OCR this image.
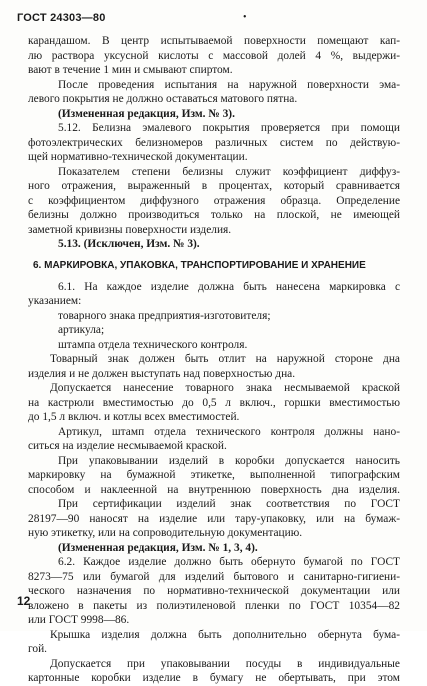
ГОСТ 24303—80	•
карандашом. В центр испытываемой поверхности помещают кап-
лю раствора уксусной кислоты с массовой долей 4 %, выдержи-
вают в течение 1 мин и смывают спиртом.
После проведения испытания на наружной поверхности эма-
левого покрытия не должно оставаться матового пятна.
(Измененная редакция, Изм. № 3).
5.12. Белизна эмалевого покрытия проверяется при помощи
фотоэлектрических белизномеров различных систем по действую-
щей нормативно-технической документации.
Показателем степени белизны служит коэффициент диффуз-
ного отражения, выраженный в процентах, который сравнивается
с коэффициентом диффузного отражения образца. Определение
белизны должно производиться только на плоской, не имеющей
заметной кривизны поверхности изделия.
5.13. (Исключен, Изм. № 3).
6. МАРКИРОВКА, УПАКОВКА, ТРАНСПОРТИРОВАНИЕ И ХРАНЕНИЕ
6.1. На каждое изделие должна быть нанесена маркировка с
указанием:
товарного знака предприятия-изготовителя;
артикула;
штампа отдела технического контроля.
Товарный знак должен быть отлит на наружной стороне дна
изделия и не должен выступать над поверхностью дна.
Допускается нанесение товарного знака несмываемой краской
на кастрюли вместимостью до 0,5 л включ., горшки вместимостью
до 1,5 л включ. и котлы всех вместимостей.
Артикул, штамп отдела технического контроля должны нано-
ситься на изделие несмываемой краской.
При упаковывании изделий в коробки допускается наносить
маркировку на бумажной этикетке, выполненной типографским
способом и наклеенной на внутреннюю поверхность дна изделия.
При сертификации изделий знак соответствия по ГОСТ
28197—90 наносят на изделие или тару-упаковку, или на бумаж-
ную этикетку, или на сопроводительную документацию.
(Измененная редакция, Изм. № 1, 3, 4).
6.2. Каждое изделие должно быть обернуто бумагой по ГОСТ
8273—75 или бумагой для изделий бытового и санитарно-гигиени-
ческого назначения по нормативно-технической документации или
вложено в пакеты из полиэтиленовой пленки по ГОСТ 10354—82
или ГОСТ 9998—86.
Крышка изделия должна быть дополнительно обернута бума-
гой.
Допускается при упаковывании посуды в индивидуальные
картонные коробки изделие в бумагу не обертывать, при этом
12
